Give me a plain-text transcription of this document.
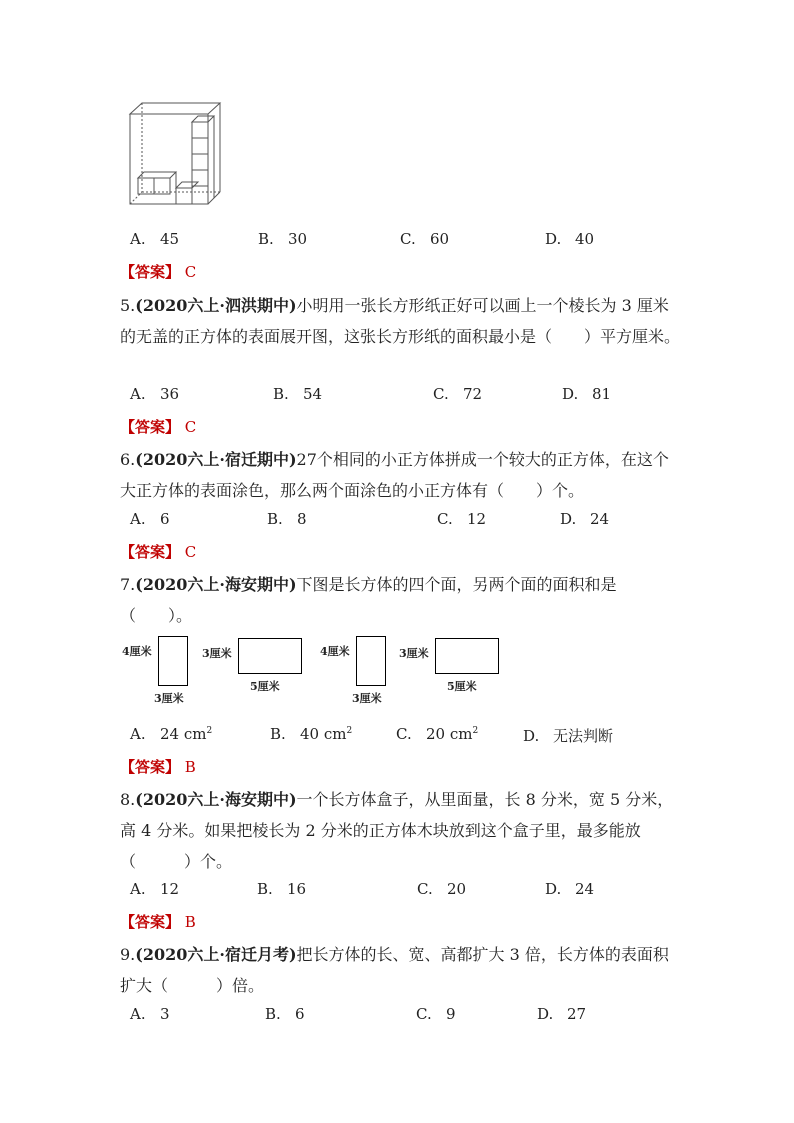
A. 45	B. 30	C. 60	D. 40
【答案】 C
5.(2020六上·泗洪期中)小明用一张长方形纸正好可以画上一个棱长为 3 厘米的无盖的正方体的表面展开图，这张长方形纸的面积最小是（　　）平方厘米。
A. 36	B. 54	C. 72	D. 81
【答案】 C
6.(2020六上·宿迁期中)27个相同的小正方体拼成一个较大的正方体，在这个大正方体的表面涂色，那么两个面涂色的小正方体有（　　）个。
A. 6	B. 8	C. 12	D. 24
【答案】 C
7.(2020六上·海安期中)下图是长方体的四个面，另两个面的面积和是（　　）。
4厘米
3厘米
3厘米
5厘米
4厘米
3厘米
3厘米
5厘米
A. 24 $cm^2$	B. 40 $cm^2$	C. 20 $cm^2$	D. 无法判断
【答案】 B
8.(2020六上·海安期中)一个长方体盒子，从里面量，长 8 分米，宽 5 分米，高 4 分米。如果把棱长为 2 分米的正方体木块放到这个盒子里，最多能放（　　　）个。
A. 12	B. 16	C. 20	D. 24
【答案】 B
9.(2020六上·宿迁月考)把长方体的长、宽、高都扩大 3 倍，长方体的表面积扩大（　　　）倍。
A. 3	B. 6	C. 9	D. 27
